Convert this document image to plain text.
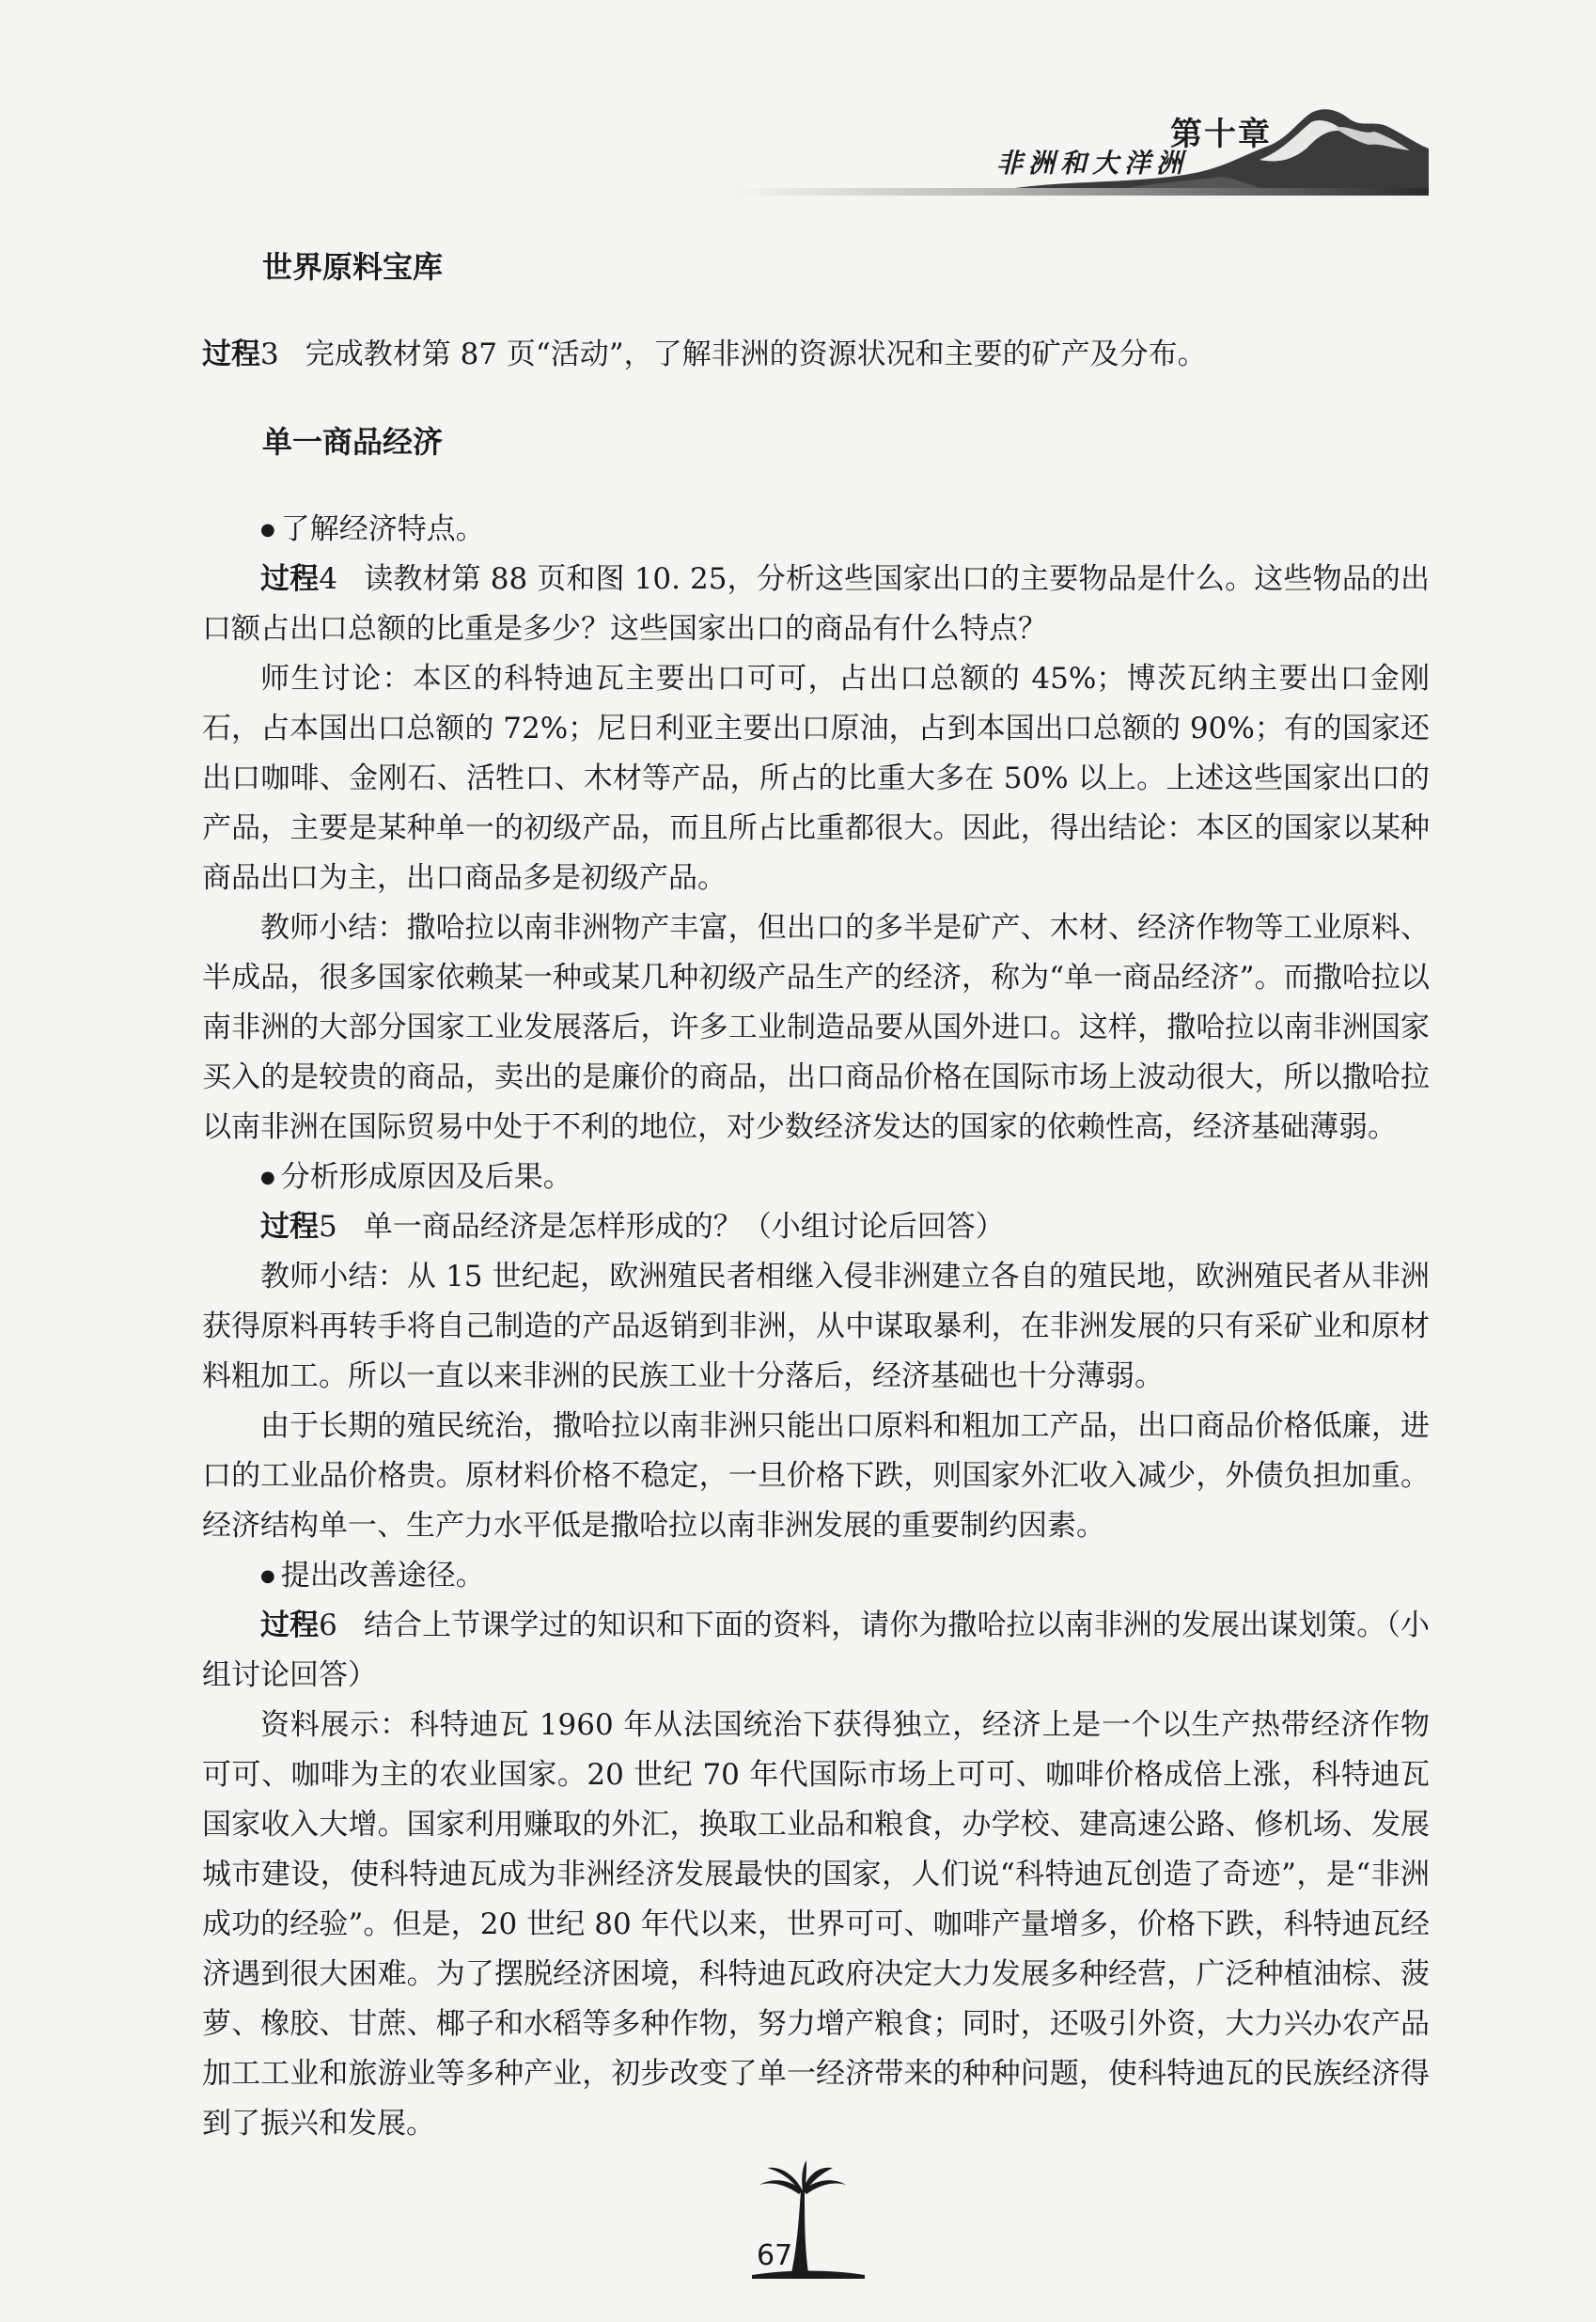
第十章
非洲和大洋洲

世界原料宝库

过程3 完成教材第 87 页“活动”，了解非洲的资源状况和主要的矿产及分布。

单一商品经济

● 了解经济特点。

过程4 读教材第 88 页和图 10. 25，分析这些国家出口的主要物品是什么。这些物品的出口额占出口总额的比重是多少？这些国家出口的商品有什么特点？

师生讨论：本区的科特迪瓦主要出口可可，占出口总额的 45%；博茨瓦纳主要出口金刚石，占本国出口总额的 72%；尼日利亚主要出口原油，占到本国出口总额的 90%；有的国家还出口咖啡、金刚石、活牲口、木材等产品，所占的比重大多在 50% 以上。上述这些国家出口的产品，主要是某种单一的初级产品，而且所占比重都很大。因此，得出结论：本区的国家以某种商品出口为主，出口商品多是初级产品。

教师小结：撒哈拉以南非洲物产丰富，但出口的多半是矿产、木材、经济作物等工业原料、半成品，很多国家依赖某一种或某几种初级产品生产的经济，称为“单一商品经济”。而撒哈拉以南非洲的大部分国家工业发展落后，许多工业制造品要从国外进口。这样，撒哈拉以南非洲国家买入的是较贵的商品，卖出的是廉价的商品，出口商品价格在国际市场上波动很大，所以撒哈拉以南非洲在国际贸易中处于不利的地位，对少数经济发达的国家的依赖性高，经济基础薄弱。

● 分析形成原因及后果。

过程5 单一商品经济是怎样形成的？（小组讨论后回答）

教师小结：从 15 世纪起，欧洲殖民者相继入侵非洲建立各自的殖民地，欧洲殖民者从非洲获得原料再转手将自己制造的产品返销到非洲，从中谋取暴利，在非洲发展的只有采矿业和原材料粗加工。所以一直以来非洲的民族工业十分落后，经济基础也十分薄弱。

由于长期的殖民统治，撒哈拉以南非洲只能出口原料和粗加工产品，出口商品价格低廉，进口的工业品价格贵。原材料价格不稳定，一旦价格下跌，则国家外汇收入减少，外债负担加重。经济结构单一、生产力水平低是撒哈拉以南非洲发展的重要制约因素。

● 提出改善途径。

过程6 结合上节课学过的知识和下面的资料，请你为撒哈拉以南非洲的发展出谋划策。（小组讨论回答）

资料展示：科特迪瓦 1960 年从法国统治下获得独立，经济上是一个以生产热带经济作物可可、咖啡为主的农业国家。20 世纪 70 年代国际市场上可可、咖啡价格成倍上涨，科特迪瓦国家收入大增。国家利用赚取的外汇，换取工业品和粮食，办学校、建高速公路、修机场、发展城市建设，使科特迪瓦成为非洲经济发展最快的国家，人们说“科特迪瓦创造了奇迹”，是“非洲成功的经验”。但是，20 世纪 80 年代以来，世界可可、咖啡产量增多，价格下跌，科特迪瓦经济遇到很大困难。为了摆脱经济困境，科特迪瓦政府决定大力发展多种经营，广泛种植油棕、菠萝、橡胶、甘蔗、椰子和水稻等多种作物，努力增产粮食；同时，还吸引外资，大力兴办农产品加工工业和旅游业等多种产业，初步改变了单一经济带来的种种问题，使科特迪瓦的民族经济得到了振兴和发展。

67
